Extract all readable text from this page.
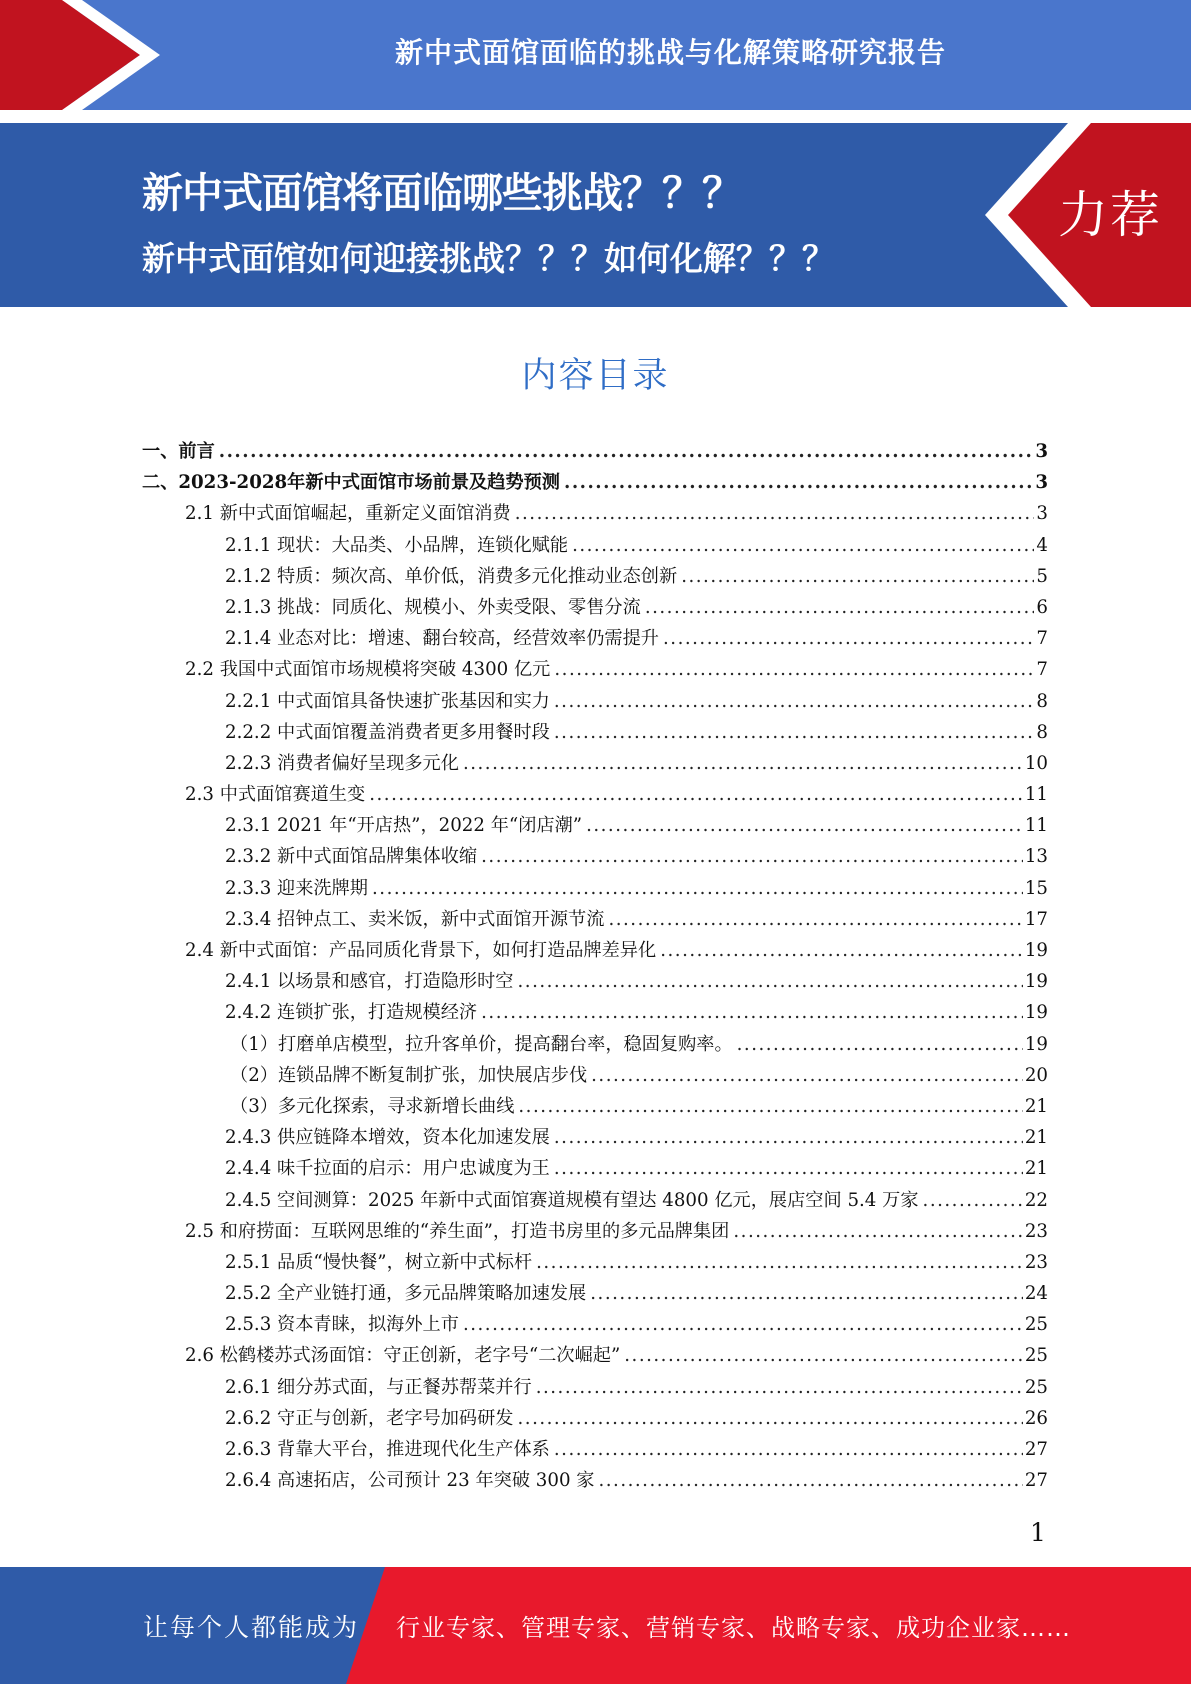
新中式面馆面临的挑战与化解策略研究报告
新中式面馆将面临哪些挑战？？？
新中式面馆如何迎接挑战？？？如何化解？？？
力荐
内容目录
一、前言 .....	3
二、2023-2028年新中式面馆市场前景及趋势预测 .....	3
2.1 新中式面馆崛起，重新定义面馆消费 .....	3
2.1.1 现状：大品类、小品牌，连锁化赋能 .....	4
2.1.2 特质：频次高、单价低，消费多元化推动业态创新 .....	5
2.1.3 挑战：同质化、规模小、外卖受限、零售分流 .....	6
2.1.4 业态对比：增速、翻台较高，经营效率仍需提升 .....	7
2.2 我国中式面馆市场规模将突破 4300 亿元 .....	7
2.2.1 中式面馆具备快速扩张基因和实力 .....	8
2.2.2 中式面馆覆盖消费者更多用餐时段 .....	8
2.2.3 消费者偏好呈现多元化 .....	10
2.3 中式面馆赛道生变 .....	11
2.3.1 2021 年“开店热”，2022 年“闭店潮” .....	11
2.3.2 新中式面馆品牌集体收缩 .....	13
2.3.3 迎来洗牌期 .....	15
2.3.4 招钟点工、卖米饭，新中式面馆开源节流 .....	17
2.4 新中式面馆：产品同质化背景下，如何打造品牌差异化 .....	19
2.4.1 以场景和感官，打造隐形时空 .....	19
2.4.2 连锁扩张，打造规模经济 .....	19
（1）打磨单店模型，拉升客单价，提高翻台率，稳固复购率。 .....	19
（2）连锁品牌不断复制扩张，加快展店步伐 .....	20
（3）多元化探索，寻求新增长曲线 .....	21
2.4.3 供应链降本增效，资本化加速发展 .....	21
2.4.4 味千拉面的启示：用户忠诚度为王 .....	21
2.4.5 空间测算：2025 年新中式面馆赛道规模有望达 4800 亿元，展店空间 5.4 万家 .....	22
2.5 和府捞面：互联网思维的“养生面”，打造书房里的多元品牌集团 .....	23
2.5.1 品质“慢快餐”，树立新中式标杆 .....	23
2.5.2 全产业链打通，多元品牌策略加速发展 .....	24
2.5.3 资本青睐，拟海外上市 .....	25
2.6 松鹤楼苏式汤面馆：守正创新，老字号“二次崛起” .....	25
2.6.1 细分苏式面，与正餐苏帮菜并行 .....	25
2.6.2 守正与创新，老字号加码研发 .....	26
2.6.3 背靠大平台，推进现代化生产体系 .....	27
2.6.4 高速拓店，公司预计 23 年突破 300 家 .....	27
1
让每个人都能成为 行业专家、管理专家、营销专家、战略专家、成功企业家……
